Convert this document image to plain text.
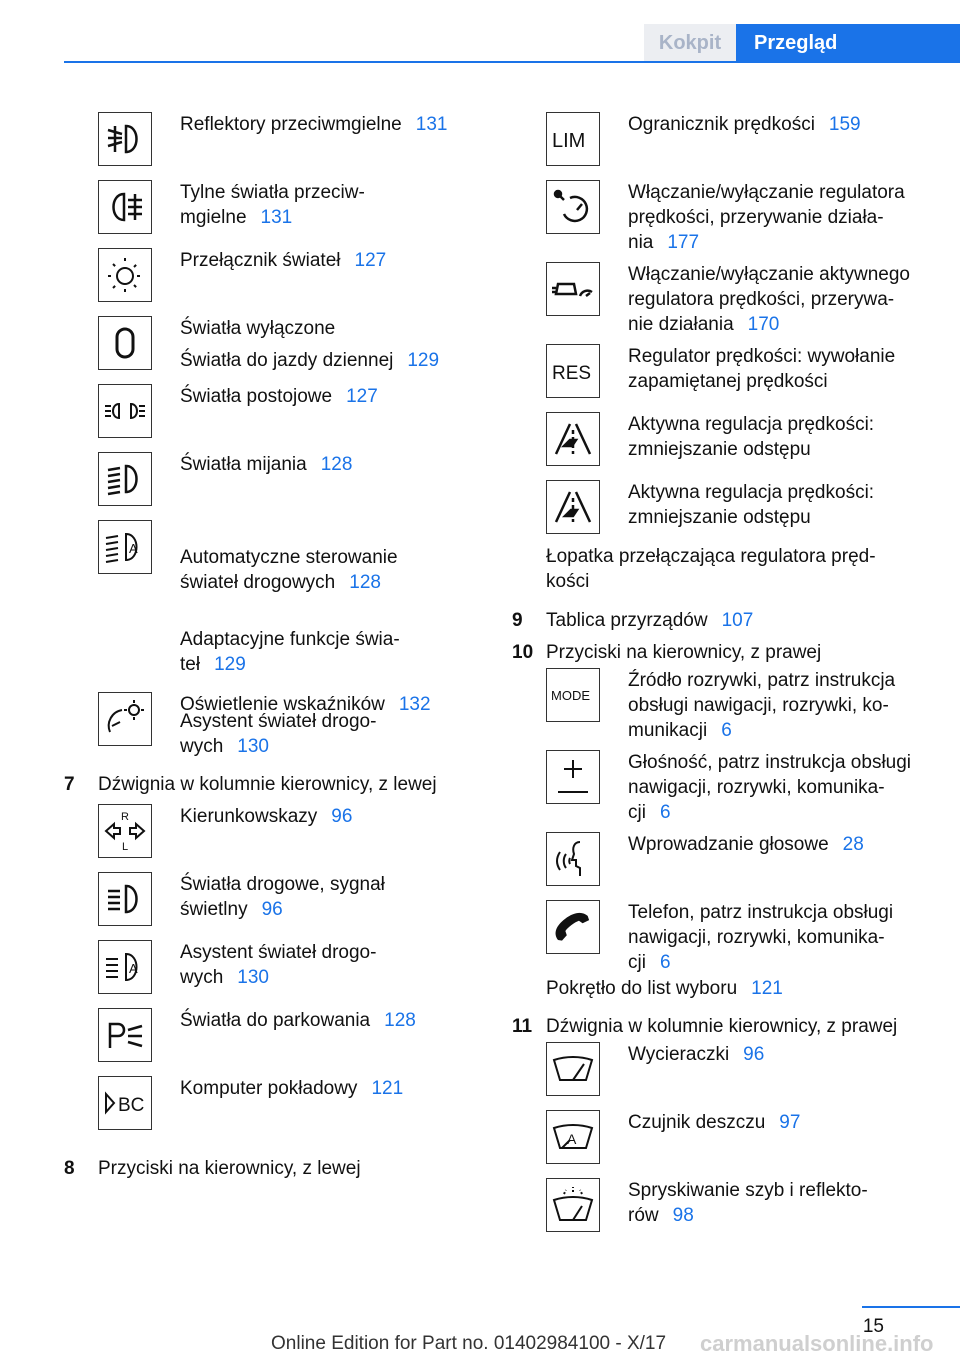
Kokpit	Przegląd

Reflektory przeciwmgielne 131

Tylne światła przeciw-
mgielne 131

Przełącznik świateł 127

Światła wyłączone

Światła do jazdy dziennej 129

Światła postojowe 127

Światła mijania 128

A Automatyczne sterowanie świateł drogowych 128

Adaptacyjne funkcje świa-
teł 129

Asystent świateł drogo-
wych 130

Oświetlenie wskaźników 132

7	Dźwignia w kolumnie kierownicy, z lewej
R
L

Kierunkowskazy 96

Światła drogowe, sygnał świetlny 96

A

Asystent świateł drogo-
wych 130

Światła do parkowania 128

BC

Komputer pokładowy 121

8	Przyciski na kierownicy, z lewej
LIM

Ogranicznik prędkości 159

Włączanie/wyłączanie regulatora prędkości, przerywanie działa-
nia 177

Włączanie/wyłączanie aktywnego regulatora prędkości, przerywa-
nie działania 170

RES

Regulator prędkości: wywołanie zapamiętanej prędkości

Aktywna regulacja prędkości: zmniejszanie odstępu

Aktywna regulacja prędkości: zmniejszanie odstępu

Łopatka przełączająca regulatora pręd-
kości
9	Tablica przyrządów 107
10 Przyciski na kierownicy, z prawej
MODE

Źródło rozrywki, patrz instrukcja obsługi nawigacji, rozrywki, ko-
munikacji 6

Głośność, patrz instrukcja obsługi nawigacji, rozrywki, komunika-
cji 6

Wprowadzanie głosowe 28

Telefon, patrz instrukcja obsługi nawigacji, rozrywki, komunika-
cji 6

Pokrętło do list wyboru 121
11 Dźwignia w kolumnie kierownicy, z prawej

Wycieraczki 96

A

Czujnik deszczu 97

Spryskiwanie szyb i reflekto-
rów 98

15
Online Edition for Part no. 01402984100 - X/17 carmanualsonline.info
